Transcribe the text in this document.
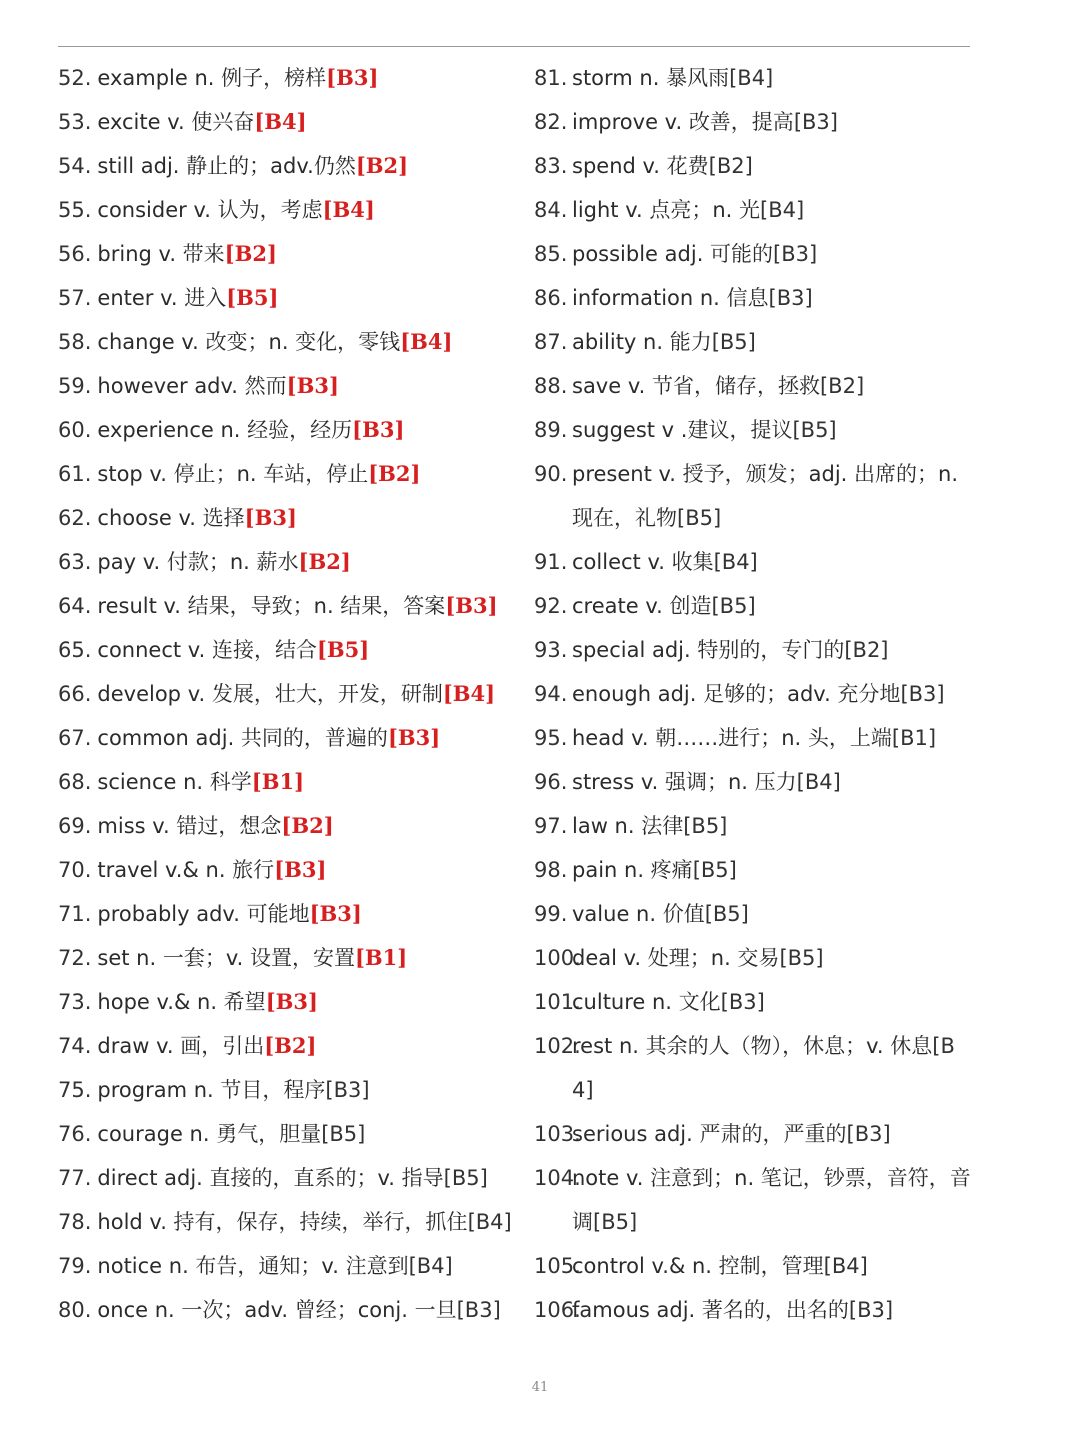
52. example n. 例子，榜样[B3]
53. excite v. 使兴奋[B4]
54. still adj. 静止的；adv.仍然[B2]
55. consider v. 认为，考虑[B4]
56. bring v. 带来[B2]
57. enter v. 进入[B5]
58. change v. 改变；n. 变化，零钱[B4]
59. however adv. 然而[B3]
60. experience n. 经验，经历[B3]
61. stop v. 停止；n. 车站，停止[B2]
62. choose v. 选择[B3]
63. pay v. 付款；n. 薪水[B2]
64. result v. 结果，导致；n. 结果，答案[B3]
65. connect v. 连接，结合[B5]
66. develop v. 发展，壮大，开发，研制[B4]
67. common adj. 共同的，普遍的[B3]
68. science n. 科学[B1]
69. miss v. 错过，想念[B2]
70. travel v.& n. 旅行[B3]
71. probably adv. 可能地[B3]
72. set n. 一套；v. 设置，安置[B1]
73. hope v.& n. 希望[B3]
74. draw v. 画，引出[B2]
75. program n. 节目，程序[B3]
76. courage n. 勇气，胆量[B5]
77. direct adj. 直接的，直系的；v. 指导[B5]
78. hold v. 持有，保存，持续，举行，抓住[B4]
79. notice n. 布告，通知；v. 注意到[B4]
80. once n. 一次；adv. 曾经；conj. 一旦[B3]
81. storm n. 暴风雨[B4]
82. improve v. 改善，提高[B3]
83. spend v. 花费[B2]
84. light v. 点亮；n. 光[B4]
85. possible adj. 可能的[B3]
86. information n. 信息[B3]
87. ability n. 能力[B5]
88. save v. 节省，储存，拯救[B2]
89. suggest v .建议，提议[B5]
90. present v. 授予，颁发；adj. 出席的；n. 现在，礼物[B5]
91. collect v. 收集[B4]
92. create v. 创造[B5]
93. special adj. 特别的，专门的[B2]
94. enough adj. 足够的；adv. 充分地[B3]
95. head v. 朝……进行；n. 头，上端[B1]
96. stress v. 强调；n. 压力[B4]
97. law n. 法律[B5]
98. pain n. 疼痛[B5]
99. value n. 价值[B5]
100.
deal v. 处理；n. 交易[B5]
101.
culture n. 文化[B3]
102.
rest n. 其余的人（物），休息；v. 休息[B4]
103.
serious adj. 严肃的，严重的[B3]
104.
note v. 注意到；n. 笔记，钞票，音符，音调[B5]
105.
control v.& n. 控制，管理[B4]
106.
famous adj. 著名的，出名的[B3]
41
